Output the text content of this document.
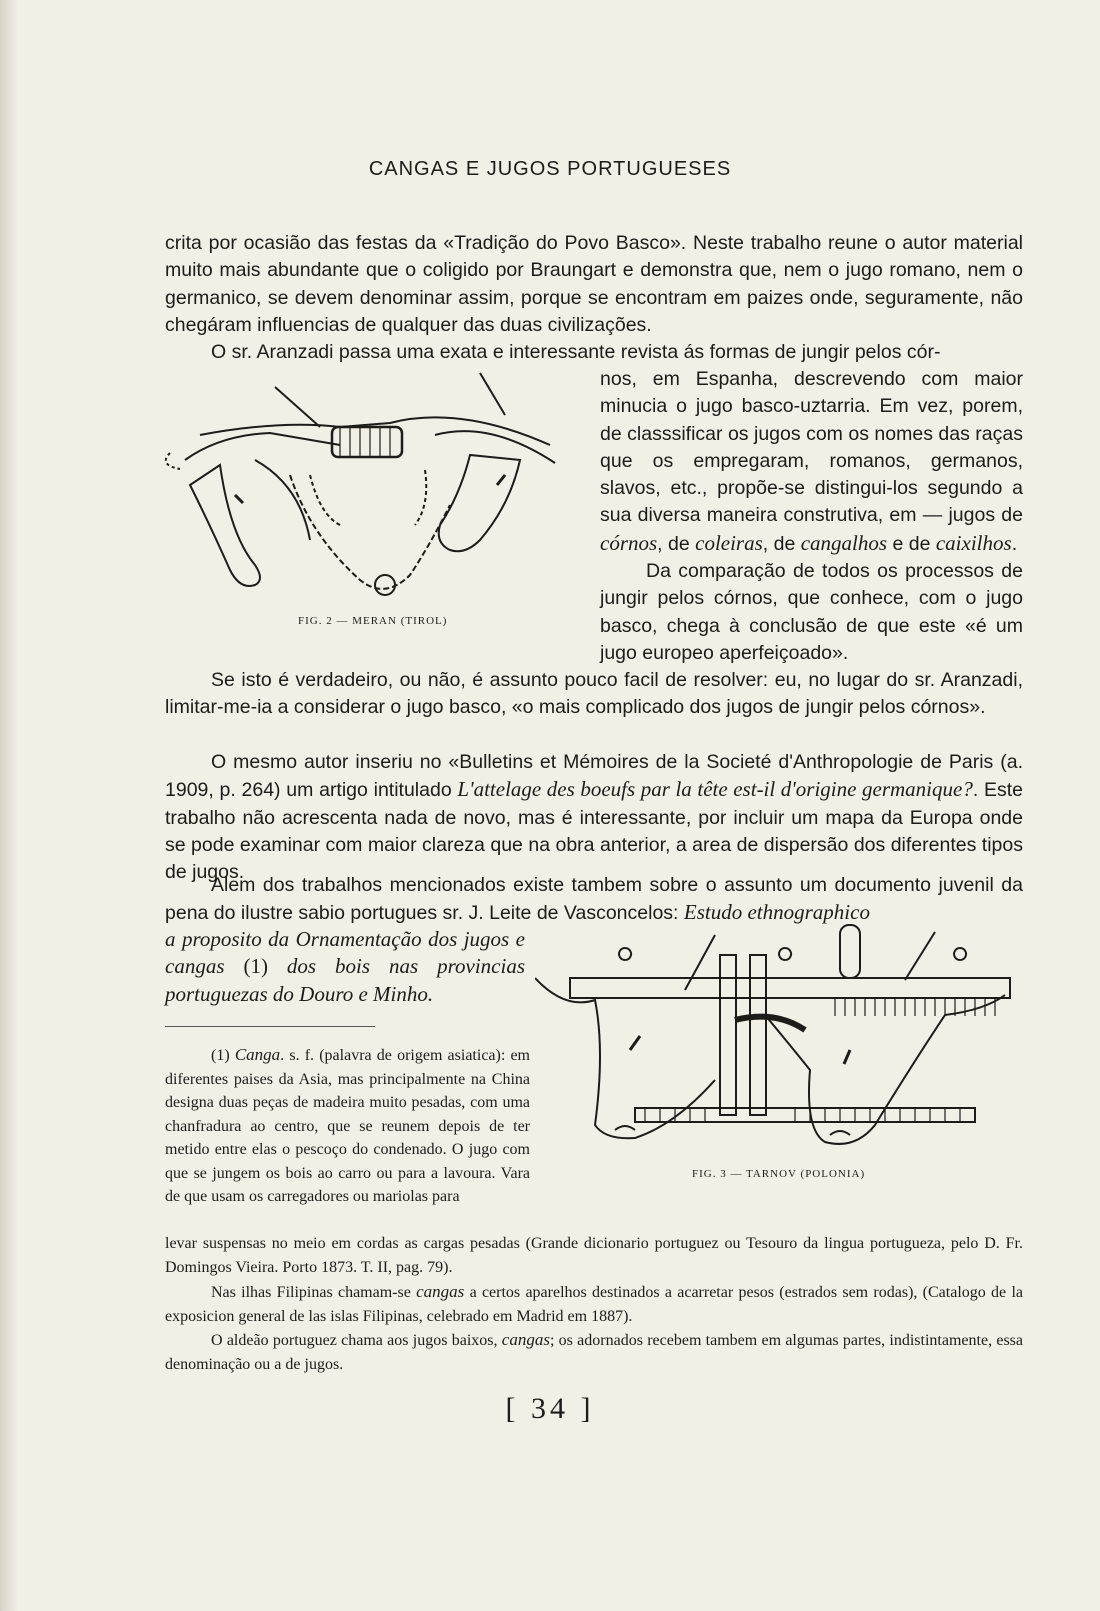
CANGAS E JUGOS PORTUGUESES
crita por ocasião das festas da «Tradição do Povo Basco». Neste trabalho reune o autor material muito mais abundante que o coligido por Braungart e demonstra que, nem o jugo romano, nem o germanico, se devem denominar assim, porque se encontram em paizes onde, seguramente, não chegáram influencias de qualquer das duas civilizações.
O sr. Aranzadi passa uma exata e interessante revista ás formas de jungir pelos cór-
nos, em Espanha, descrevendo com maior minucia o jugo basco-uztarria. Em vez, porem, de classsificar os jugos com os nomes das raças que os empregaram, romanos, germanos, slavos, etc., propõe-se distingui-los segundo a sua diversa maneira construtiva, em — jugos de córnos, de coleiras, de cangalhos e de caixilhos.
Da comparação de todos os processos de jungir pelos córnos, que conhece, com o jugo basco, chega à conclusão de que este «é um jugo europeo aperfeiçoado».
FIG. 2 — MERAN (TIROL)
Se isto é verdadeiro, ou não, é assunto pouco facil de resolver: eu, no lugar do sr. Aranzadi, limitar-me-ia a considerar o jugo basco, «o mais complicado dos jugos de jungir pelos córnos».
O mesmo autor inseriu no «Bulletins et Mémoires de la Societé d'Anthropologie de Paris (a. 1909, p. 264) um artigo intitulado L'attelage des boeufs par la tête est-il d'origine germanique?. Este trabalho não acrescenta nada de novo, mas é interessante, por incluir um mapa da Europa onde se pode examinar com maior clareza que na obra anterior, a area de dispersão dos diferentes tipos de jugos.
Alem dos trabalhos mencionados existe tambem sobre o assunto um documento juvenil da pena do ilustre sabio portugues sr. J. Leite de Vasconcelos: Estudo ethnographico
a proposito da Ornamentação dos jugos e cangas (1) dos bois nas provincias portuguezas do Douro e Minho.
FIG. 3 — TARNOV (POLONIA)
(1) Canga. s. f. (palavra de origem asiatica): em diferentes paises da Asia, mas principalmente na China designa duas peças de madeira muito pesadas, com uma chanfradura ao centro, que se reunem depois de ter metido entre elas o pescoço do condenado. O jugo com que se jungem os bois ao carro ou para a lavoura. Vara de que usam os carregadores ou mariolas para
levar suspensas no meio em cordas as cargas pesadas (Grande dicionario portuguez ou Tesouro da lingua portugueza, pelo D. Fr. Domingos Vieira. Porto 1873. T. II, pag. 79).
Nas ilhas Filipinas chamam-se cangas a certos aparelhos destinados a acarretar pesos (estrados sem rodas), (Catalogo de la exposicion general de las islas Filipinas, celebrado em Madrid em 1887).
O aldeão portuguez chama aos jugos baixos, cangas; os adornados recebem tambem em algumas partes, indistintamente, essa denominação ou a de jugos.
[ 34 ]
